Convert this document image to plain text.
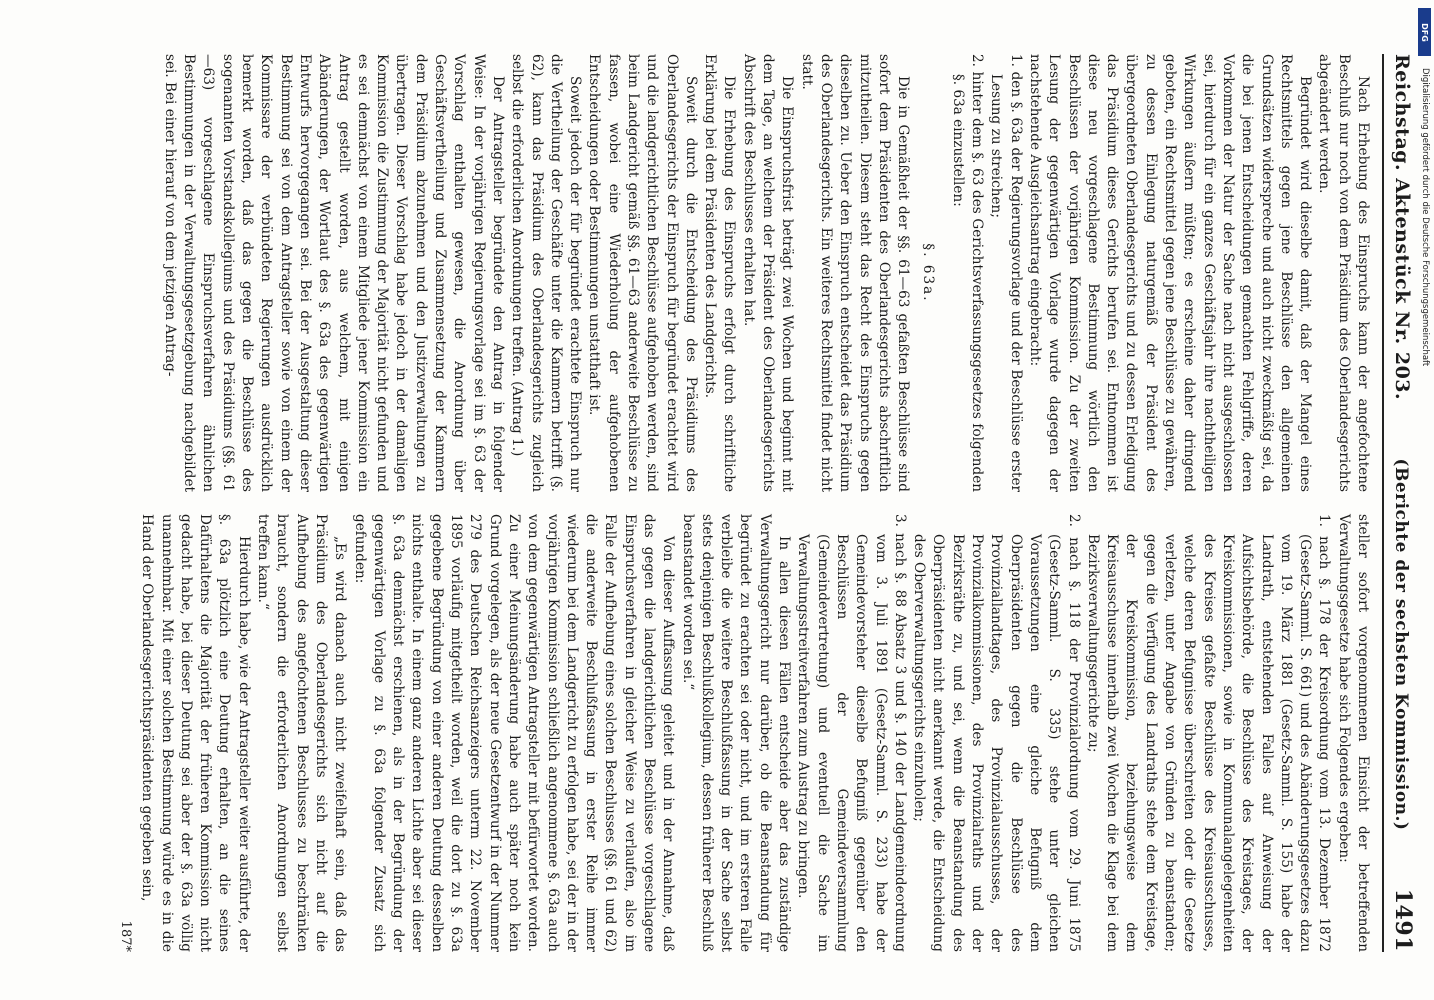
Reichstag. Aktenstück Nr. 203.
(Berichte der sechsten Kommission.)
1491

Nach Erhebung des Einspruchs kann der angefochtene Beschluß nur noch von dem Präsidium des Oberlandesgerichts abgeändert werden.

Begründet wird dieselbe damit, daß der Mangel eines Rechtsmittels gegen jene Beschlüsse den allgemeinen Grundsätzen widerspreche und auch nicht zweckmäßig sei, da die bei jenen Entscheidungen gemachten Fehlgriffe, deren Vorkommen der Natur der Sache nach nicht ausgeschlossen sei, hierdurch für ein ganzes Geschäftsjahr ihre nachtheiligen Wirkungen äußern müßten; es erscheine daher dringend geboten, ein Rechtsmittel gegen jene Beschlüsse zu gewähren, zu dessen Einlegung naturgemäß der Präsident des übergeordneten Oberlandesgerichts und zu dessen Erledigung das Präsidium dieses Gerichts berufen sei. Entnommen ist diese neu vorgeschlagene Bestimmung wörtlich den Beschlüssen der vorjährigen Kommission. Zu der zweiten Lesung der gegenwärtigen Vorlage wurde dagegen der nachstehende Ausgleichsantrag eingebracht:

1. den §. 63a der Regierungsvorlage und der Beschlüsse erster Lesung zu streichen;

2. hinter dem §. 63 des Gerichtsverfassungsgesetzes folgenden §. 63a einzustellen:

§. 63a.

Die in Gemäßheit der §§. 61—63 gefaßten Beschlüsse sind sofort dem Präsidenten des Oberlandesgerichts abschriftlich mitzutheilen. Diesem steht das Recht des Einspruchs gegen dieselben zu. Ueber den Einspruch entscheidet das Präsidium des Oberlandesgerichts. Ein weiteres Rechtsmittel findet nicht statt.

Die Einspruchsfrist beträgt zwei Wochen und beginnt mit dem Tage, an welchem der Präsident des Oberlandesgerichts Abschrift des Beschlusses erhalten hat.

Die Erhebung des Einspruchs erfolgt durch schriftliche Erklärung bei dem Präsidenten des Landgerichts.

Soweit durch die Entscheidung des Präsidiums des Oberlandesgerichts der Einspruch für begründet erachtet wird und die landgerichtlichen Beschlüsse aufgehoben werden, sind beim Landgericht gemäß §§. 61—63 anderweite Beschlüsse zu fassen, wobei eine Wiederholung der aufgehobenen Entscheidungen oder Bestimmungen unstatthaft ist.

Soweit jedoch der für begründet erachtete Einspruch nur die Vertheilung der Geschäfte unter die Kammern betrifft (§. 62), kann das Präsidium des Oberlandesgerichts zugleich selbst die erforderlichen Anordnungen treffen. (Antrag 1.)

Der Antragsteller begründete den Antrag in folgender Weise: In der vorjährigen Regierungsvorlage sei im §. 63 der Vorschlag enthalten gewesen, die Anordnung über Geschäftsvertheilung und Zusammensetzung der Kammern dem Präsidium abzunehmen und den Justizverwaltungen zu übertragen. Dieser Vorschlag habe jedoch in der damaligen Kommission die Zustimmung der Majorität nicht gefunden und es sei demnächst von einem Mitgliede jener Kommission ein Antrag gestellt worden, aus welchem, mit einigen Abänderungen, der Wortlaut des §. 63a des gegenwärtigen Entwurfs hervorgegangen sei. Bei der Ausgestaltung dieser Bestimmung sei von dem Antragsteller sowie von einem der Kommissare der verbündeten Regierungen ausdrücklich bemerkt worden, daß das gegen die Beschlüsse des sogenannten Vorstandskollegiums und des Präsidiums (§§. 61—63) vorgeschlagene Einspruchsverfahren ähnlichen Bestimmungen in der Verwaltungsgesetzgebung nachgebildet sei. Bei einer hierauf von dem jetzigen Antrag-

steller sofort vorgenommenen Einsicht der betreffenden Verwaltungsgesetze habe sich Folgendes ergeben:

1. nach §. 178 der Kreisordnung vom 13. Dezember 1872 (Gesetz-Samml. S. 661) und des Abänderungsgesetzes dazu vom 19. März 1881 (Gesetz-Samml. S. 155) habe der Landrath, entstehenden Falles auf Anweisung der Aufsichtsbehörde, die Beschlüsse des Kreistages, der Kreiskommissionen, sowie in Kommunalangelegenheiten des Kreises gefaßte Beschlüsse des Kreisausschusses, welche deren Befugnisse überschreiten oder die Gesetze verletzen, unter Angabe von Gründen zu beanstanden; gegen die Verfügung des Landraths stehe dem Kreistage, der Kreiskommission, beziehungsweise dem Kreisausschusse innerhalb zwei Wochen die Klage bei dem Bezirksverwaltungsgerichte zu;

2. nach §. 118 der Provinzialordnung vom 29. Juni 1875 (Gesetz-Samml. S. 335) stehe unter gleichen Voraussetzungen eine gleiche Befugniß dem Oberpräsidenten gegen die Beschlüsse des Provinziallandtages, des Provinzialausschusses, der Provinzialkommissionen, des Provinzialraths und der Bezirksräthe zu, und sei, wenn die Beanstandung des Oberpräsidenten nicht anerkannt werde, die Entscheidung des Oberverwaltungsgerichts einzuholen;

3. nach §. 88 Absatz 3 und §. 140 der Landgemeindeordnung vom 3. Juli 1891 (Gesetz-Samml. S. 233) habe der Gemeindevorsteher dieselbe Befugniß gegenüber den Beschlüssen der Gemeindeversammlung (Gemeindevertretung) und eventuell die Sache im Verwaltungsstreitverfahren zum Austrag zu bringen.

In allen diesen Fällen entscheide aber das zuständige Verwaltungsgericht nur darüber, ob die Beanstandung für begründet zu erachten sei oder nicht, und im ersteren Falle verbleibe die weitere Beschlußfassung in der Sache selbst stets denjenigen Beschlußkollegium, dessen früherer Beschluß beanstandet worden sei.“

Von dieser Auffassung geleitet und in der Annahme, daß das gegen die landgerichtlichen Beschlüsse vorgeschlagene Einspruchsverfahren in gleicher Weise zu verlaufen, also im Falle der Aufhebung eines solchen Beschlusses (§§. 61 und 62) die anderweite Beschlußfassung in erster Reihe immer wiederum bei dem Landgericht zu erfolgen habe, sei der in der vorjährigen Kommission schließlich angenommene §. 63a auch von dem gegenwärtigen Antragsteller mit befürwortet worden. Zu einer Meinungsänderung habe auch später noch kein Grund vorgelegen, als der neue Gesetzentwurf in der Nummer 279 des Deutschen Reichsanzeigers unterm 22. November 1895 vorläufig mitgetheilt worden, weil die dort zu §. 63a gegebene Begründung von einer anderen Deutung desselben nichts enthalte. In einem ganz anderen Lichte aber sei dieser §. 63a demnächst erschienen, als in der Begründung der gegenwärtigen Vorlage zu §. 63a folgender Zusatz sich gefunden:

„Es wird danach auch nicht zweifelhaft sein, daß das Präsidium des Oberlandesgerichts sich nicht auf die Aufhebung des angefochtenen Beschlusses zu beschränken braucht, sondern die erforderlichen Anordnungen selbst treffen kann.“

Hierdurch habe, wie der Antragsteller weiter ausführte, der §. 63a plötzlich eine Deutung erhalten, an die seines Dafürhaltens die Majorität der früheren Kommission nicht gedacht habe, bei dieser Deutung sei aber der §. 63a völlig unannehmbar. Mit einer solchen Bestimmung würde es in die Hand der Oberlandesgerichtspräsidenten gegeben sein,

187*
DFG
Digitalisierung gefördert durch die Deutsche Forschungsgemeinschaft
